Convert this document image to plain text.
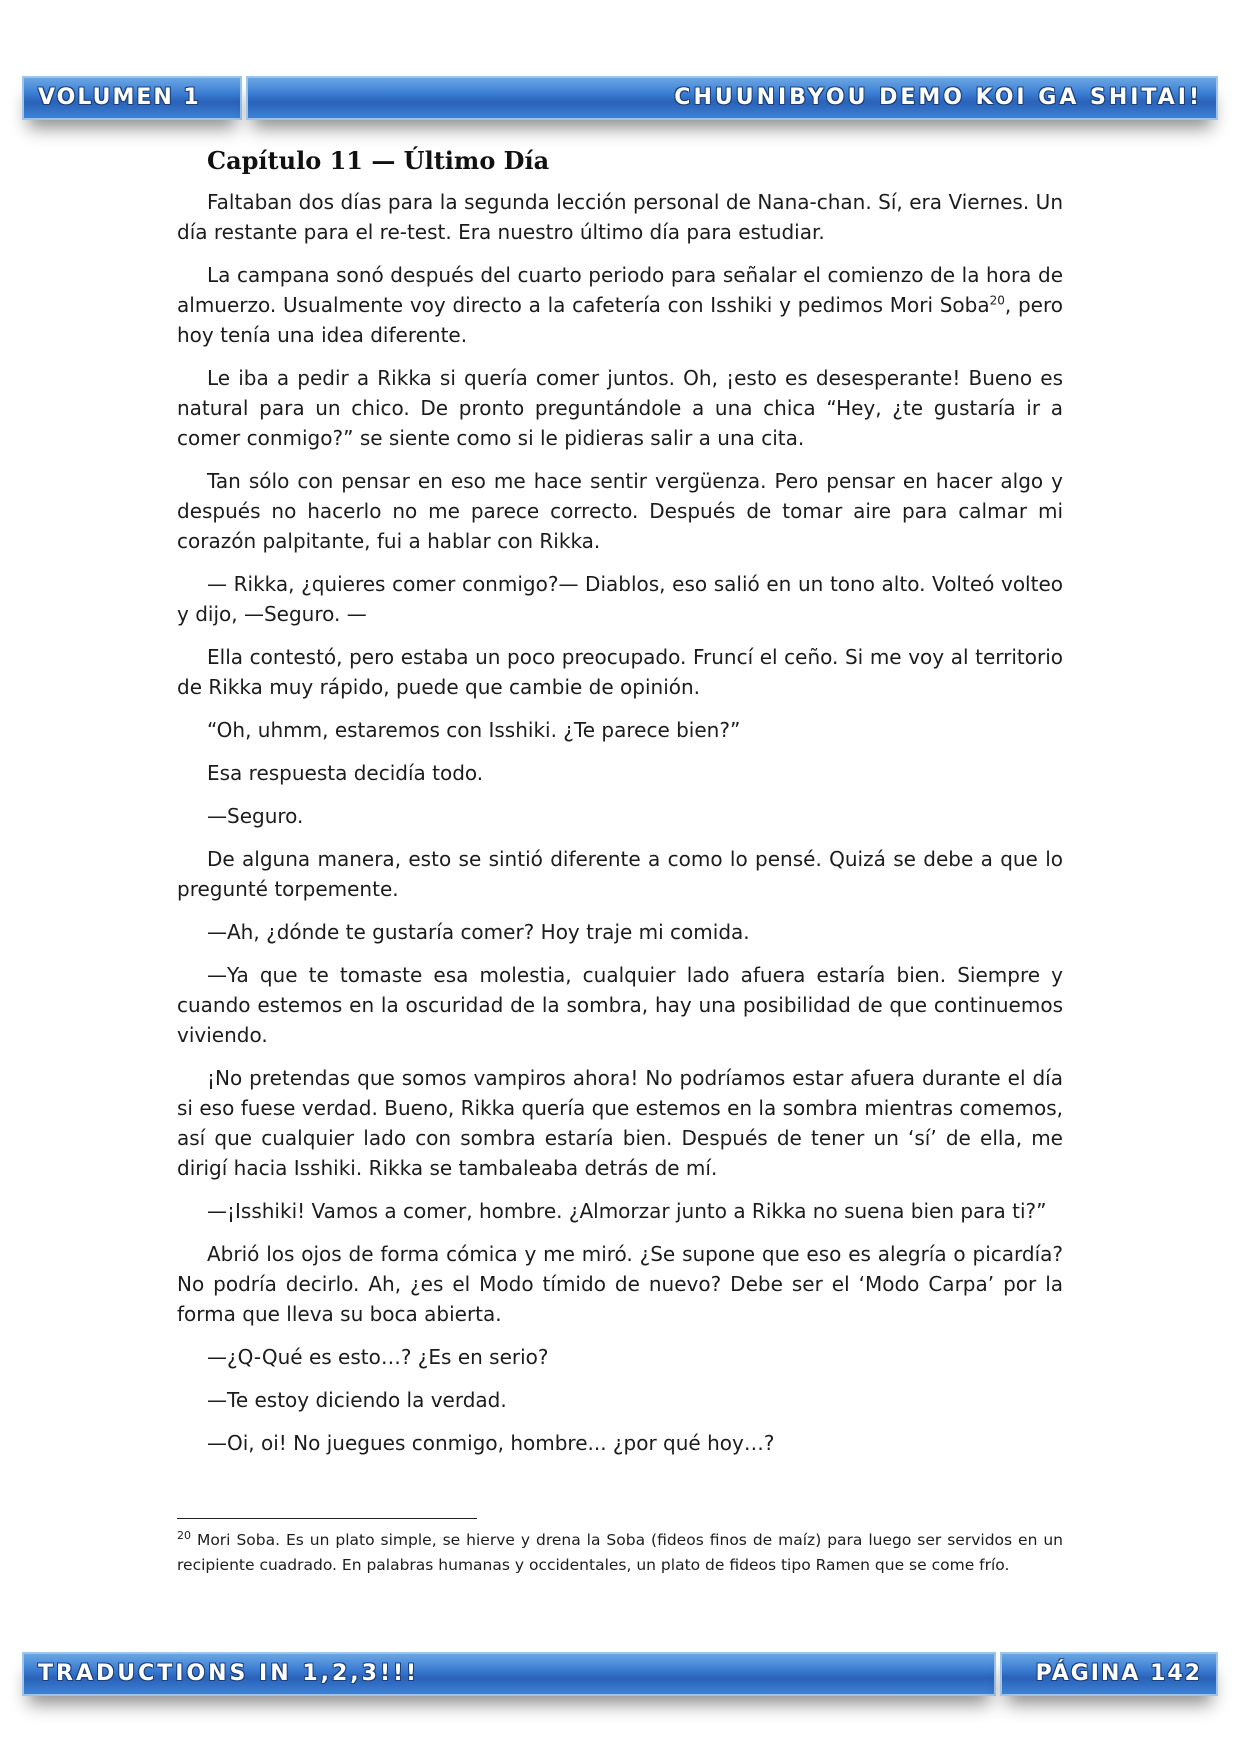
VOLUMEN 1	CHUUNIBYOU DEMO KOI GA SHITAI!
Capítulo 11 — Último Día

Faltaban dos días para la segunda lección personal de Nana-chan. Sí, era Viernes. Un día restante para el re-test. Era nuestro último día para estudiar.

La campana sonó después del cuarto periodo para señalar el comienzo de la hora de almuerzo. Usualmente voy directo a la cafetería con Isshiki y pedimos Mori Soba$^{20}$, pero hoy tenía una idea diferente.

Le iba a pedir a Rikka si quería comer juntos. Oh, ¡esto es desesperante! Bueno es natural para un chico. De pronto preguntándole a una chica “Hey, ¿te gustaría ir a comer conmigo?” se siente como si le pidieras salir a una cita.

Tan sólo con pensar en eso me hace sentir vergüenza. Pero pensar en hacer algo y después no hacerlo no me parece correcto. Después de tomar aire para calmar mi corazón palpitante, fui a hablar con Rikka.

— Rikka, ¿quieres comer conmigo?— Diablos, eso salió en un tono alto. Volteó volteo y dijo, —Seguro. —

Ella contestó, pero estaba un poco preocupado. Fruncí el ceño. Si me voy al territorio de Rikka muy rápido, puede que cambie de opinión.

“Oh, uhmm, estaremos con Isshiki. ¿Te parece bien?”

Esa respuesta decidía todo.

—Seguro.

De alguna manera, esto se sintió diferente a como lo pensé. Quizá se debe a que lo pregunté torpemente.

—Ah, ¿dónde te gustaría comer? Hoy traje mi comida.

—Ya que te tomaste esa molestia, cualquier lado afuera estaría bien. Siempre y cuando estemos en la oscuridad de la sombra, hay una posibilidad de que continuemos viviendo.

¡No pretendas que somos vampiros ahora! No podríamos estar afuera durante el día si eso fuese verdad. Bueno, Rikka quería que estemos en la sombra mientras comemos, así que cualquier lado con sombra estaría bien. Después de tener un ‘sí’ de ella, me dirigí hacia Isshiki. Rikka se tambaleaba detrás de mí.

—¡Isshiki! Vamos a comer, hombre. ¿Almorzar junto a Rikka no suena bien para ti?”

Abrió los ojos de forma cómica y me miró. ¿Se supone que eso es alegría o picardía? No podría decirlo. Ah, ¿es el Modo tímido de nuevo? Debe ser el ‘Modo Carpa’ por la forma que lleva su boca abierta.

—¿Q-Qué es esto…? ¿Es en serio?

—Te estoy diciendo la verdad.

—Oi, oi! No juegues conmigo, hombre... ¿por qué hoy…?

$^{20}$ Mori Soba. Es un plato simple, se hierve y drena la Soba (fideos finos de maíz) para luego ser servidos en un recipiente cuadrado. En palabras humanas y occidentales, un plato de fideos tipo Ramen que se come frío.
TRADUCTIONS IN 1,2,3!!!	PÁGINA 142
